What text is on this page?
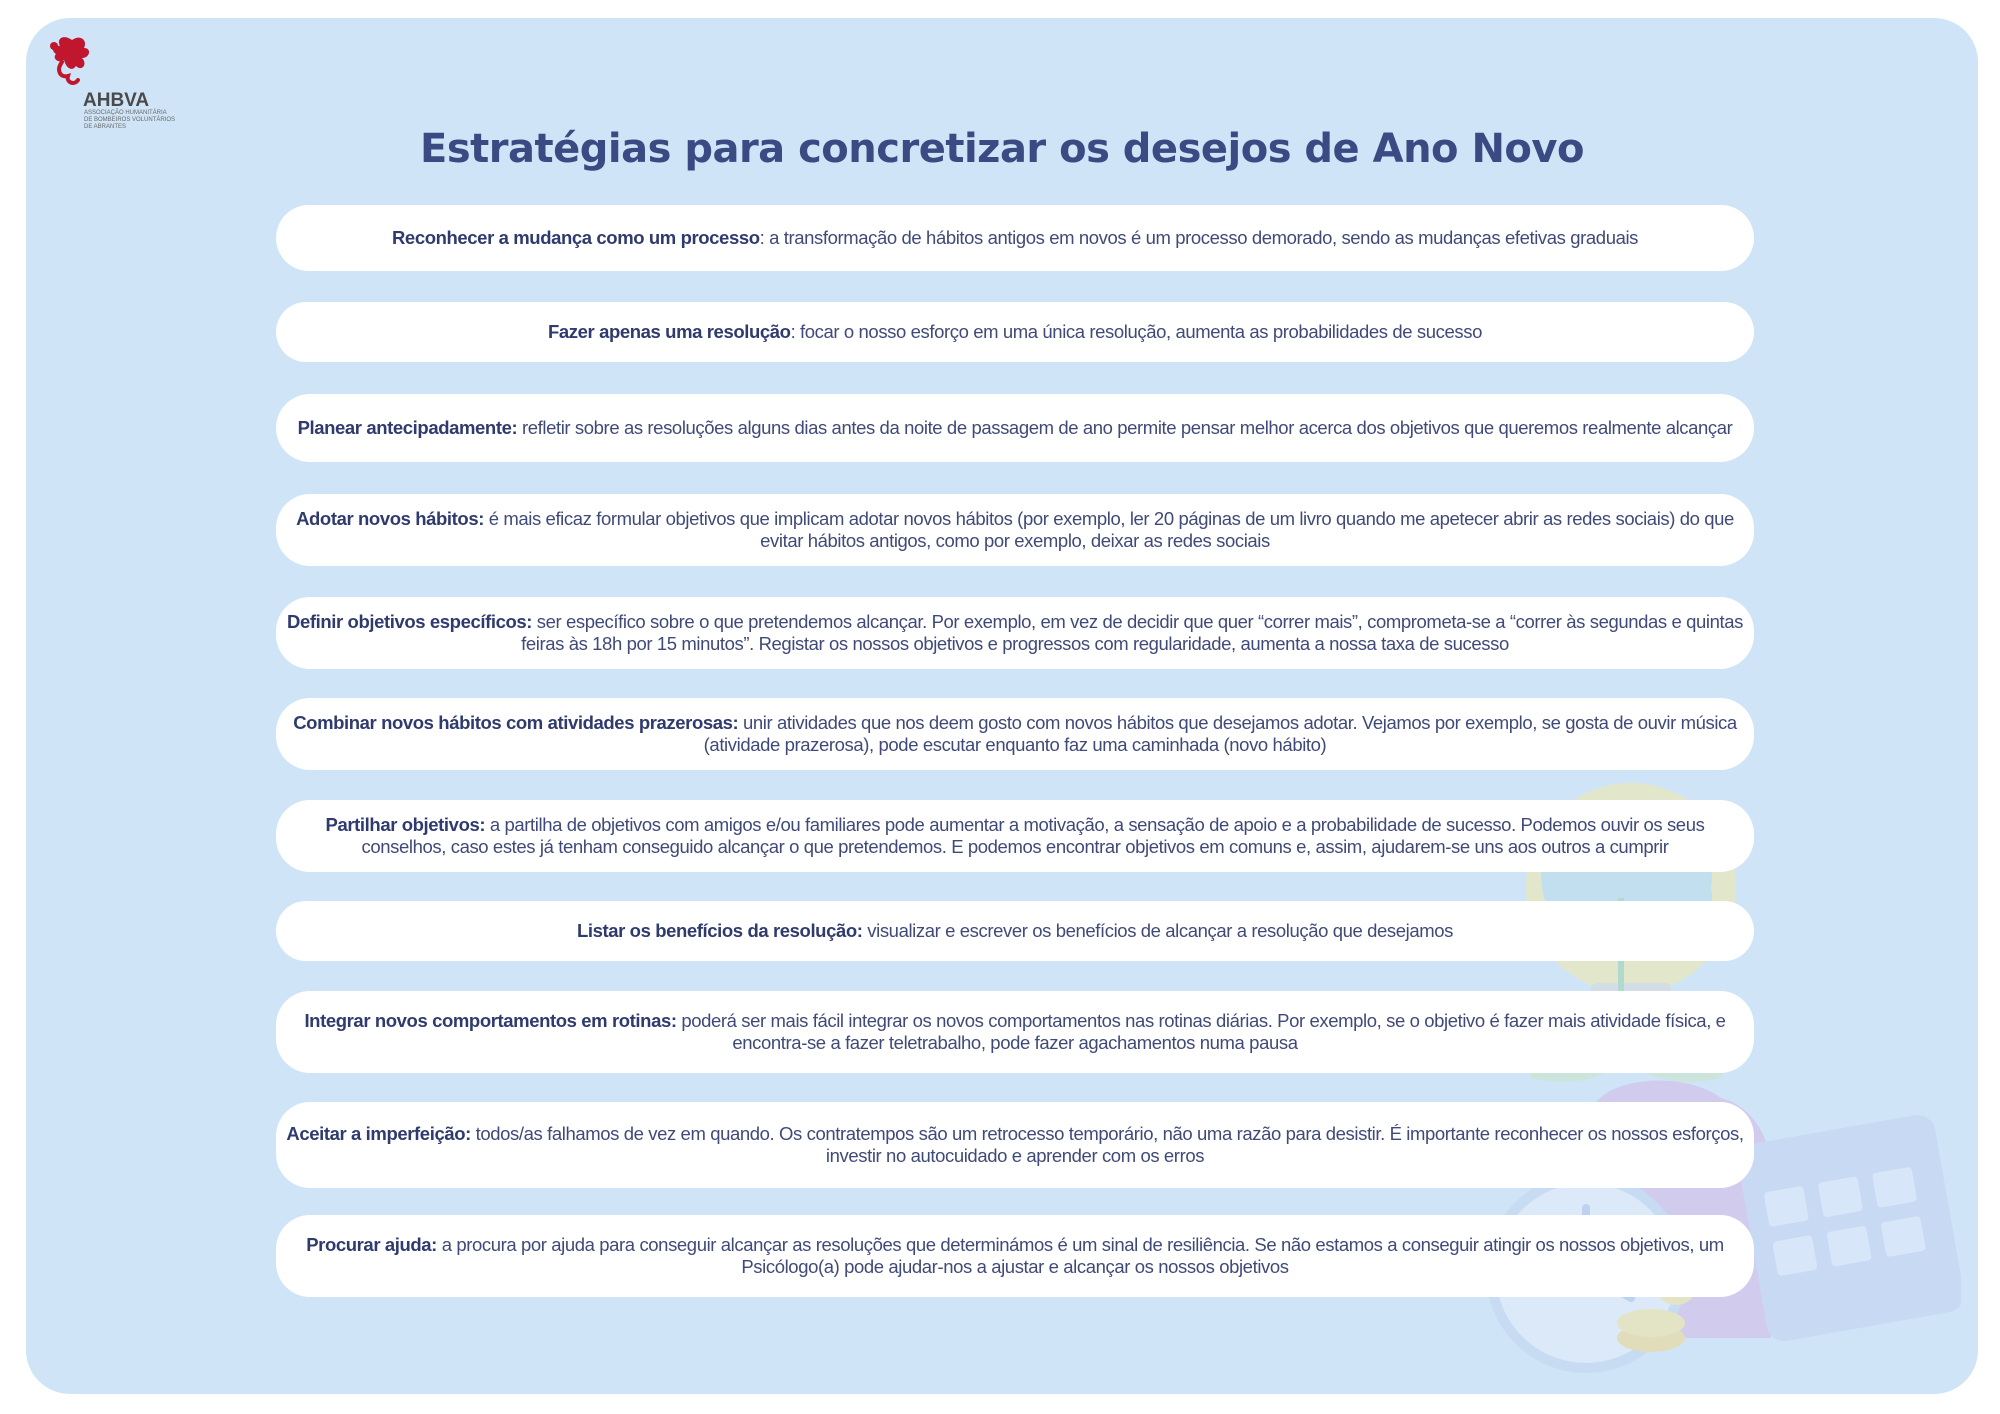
AHBVA

ASSOCIAÇÃO HUMANITÁRIA
DE BOMBEIROS VOLUNTÁRIOS
DE ABRANTES	Estratégias para concretizar os desejos de Ano Novo

Reconhecer a mudança como um processo: a transformação de hábitos antigos em novos é um processo demorado, sendo as mudanças efetivas graduais

Fazer apenas uma resolução: focar o nosso esforço em uma única resolução, aumenta as probabilidades de sucesso

Planear antecipadamente: refletir sobre as resoluções alguns dias antes da noite de passagem de ano permite pensar melhor acerca dos objetivos que queremos realmente alcançar

Adotar novos hábitos: é mais eficaz formular objetivos que implicam adotar novos hábitos (por exemplo, ler 20 páginas de um livro quando me apetecer abrir as redes sociais) do que evitar hábitos antigos, como por exemplo, deixar as redes sociais

Definir objetivos específicos: ser específico sobre o que pretendemos alcançar. Por exemplo, em vez de decidir que quer “correr mais”, comprometa-se a “correr às segundas e quintas feiras às 18h por 15 minutos”. Registar os nossos objetivos e progressos com regularidade, aumenta a nossa taxa de sucesso

Combinar novos hábitos com atividades prazerosas: unir atividades que nos deem gosto com novos hábitos que desejamos adotar. Vejamos por exemplo, se gosta de ouvir música (atividade prazerosa), pode escutar enquanto faz uma caminhada (novo hábito)

Partilhar objetivos: a partilha de objetivos com amigos e/ou familiares pode aumentar a motivação, a sensação de apoio e a probabilidade de sucesso. Podemos ouvir os seus conselhos, caso estes já tenham conseguido alcançar o que pretendemos. E podemos encontrar objetivos em comuns e, assim, ajudarem-se uns aos outros a cumprir

Listar os benefícios da resolução: visualizar e escrever os benefícios de alcançar a resolução que desejamos

Integrar novos comportamentos em rotinas: poderá ser mais fácil integrar os novos comportamentos nas rotinas diárias. Por exemplo, se o objetivo é fazer mais atividade física, e encontra-se a fazer teletrabalho, pode fazer agachamentos numa pausa

Aceitar a imperfeição: todos/as falhamos de vez em quando. Os contratempos são um retrocesso temporário, não uma razão para desistir. É importante reconhecer os nossos esforços, investir no autocuidado e aprender com os erros

Procurar ajuda: a procura por ajuda para conseguir alcançar as resoluções que determinámos é um sinal de resiliência. Se não estamos a conseguir atingir os nossos objetivos, um Psicólogo(a) pode ajudar-nos a ajustar e alcançar os nossos objetivos
